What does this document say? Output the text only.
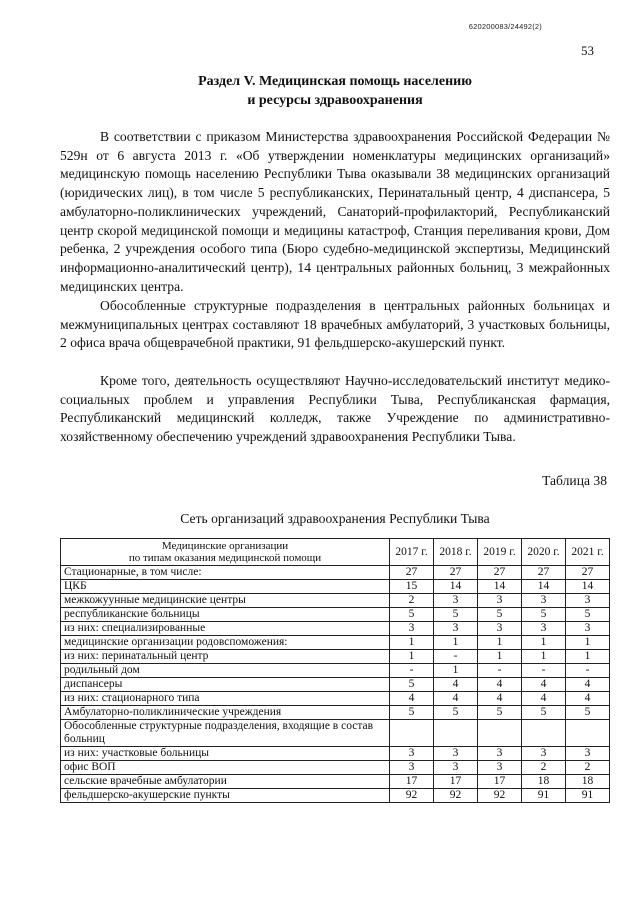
620200083/24492(2)
53
Раздел V. Медицинская помощь населению
и ресурсы здравоохранения

В соответствии с приказом Министерства здравоохранения Российской Федерации № 529н от 6 августа 2013 г. «Об утверждении номенклатуры медицинских организаций» медицинскую помощь населению Республики Тыва оказывали 38 медицинских организаций (юридических лиц), в том числе 5 республиканских, Перинатальный центр, 4 диспансера, 5 амбулаторно-поликлинических учреждений, Санаторий-профилакторий, Республиканский центр скорой медицинской помощи и медицины катастроф, Станция переливания крови, Дом ребенка, 2 учреждения особого типа (Бюро судебно-медицинской экспертизы, Медицинский информационно-аналитический центр), 14 центральных районных больниц, 3 межрайонных медицинских центра.

Обособленные структурные подразделения в центральных районных больницах и межмуниципальных центрах составляют 18 врачебных амбулаторий, 3 участковых больницы, 2 офиса врача общеврачебной практики, 91 фельдшерско-акушерский пункт.

Кроме того, деятельность осуществляют Научно-исследовательский институт медико-социальных проблем и управления Республики Тыва, Республиканская фармация, Республиканский медицинский колледж, также Учреждение по административно-хозяйственному обеспечению учреждений здравоохранения Республики Тыва.

Таблица 38
Сеть организаций здравоохранения Республики Тыва
Медицинские организации
по типам оказания медицинской помощи	2017 г.	2018 г.	2019 г.	2020 г.	2021 г.
Стационарные, в том числе:	27	27	27	27	27
ЦКБ	15	14	14	14	14
межкожуунные медицинские центры	2	3	3	3	3
республиканские больницы	5	5	5	5	5
из них: специализированные	3	3	3	3	3
медицинские организации родовспоможения:	1	1	1	1	1
из них: перинатальный центр	1	-	1	1	1
родильный дом	-	1	-	-	-
диспансеры	5	4	4	4	4
из них: стационарного типа	4	4	4	4	4
Амбулаторно-поликлинические учреждения	5	5	5	5	5
Обособленные структурные подразделения, входящие в состав больниц					
из них: участковые больницы	3	3	3	3	3
офис ВОП	3	3	3	2	2
сельские врачебные амбулатории	17	17	17	18	18
фельдшерско-акушерские пункты	92	92	92	91	91
